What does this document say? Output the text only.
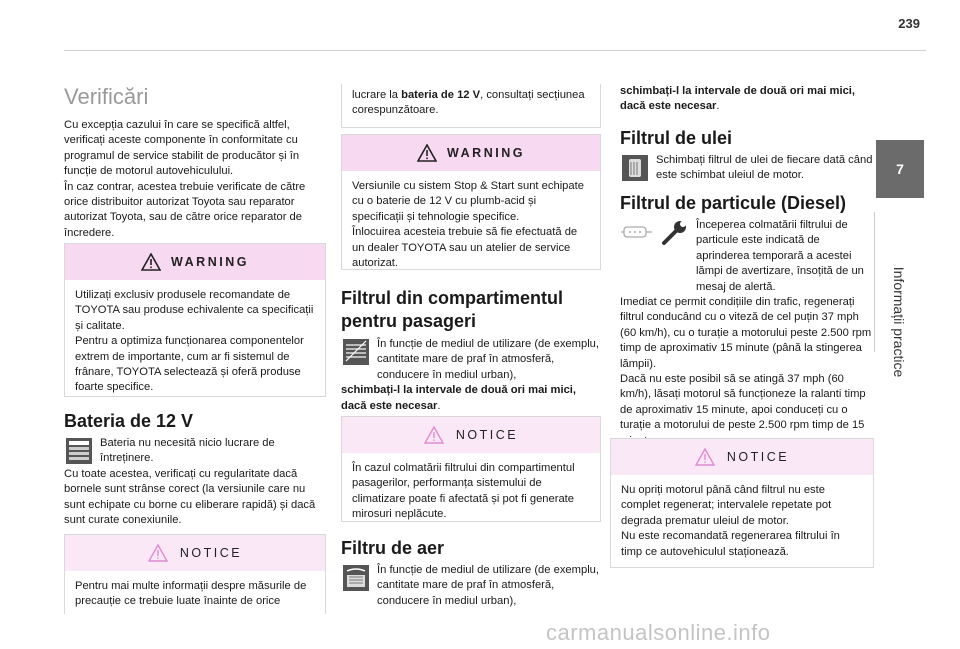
239
7
Informații practice
Verificări

Cu excepția cazului în care se specifică altfel, verificați aceste componente în conformitate cu programul de service stabilit de producător și în funcție de motorul autovehiculului.

În caz contrar, acestea trebuie verificate de către orice distribuitor autorizat Toyota sau reparator autorizat Toyota, sau de către orice reparator de încredere.

WARNING

Utilizați exclusiv produsele recomandate de TOYOTA sau produse echivalente ca specificații și calitate.

Pentru a optimiza funcționarea componentelor extrem de importante, cum ar fi sistemul de frânare, TOYOTA selectează și oferă produse foarte specifice.

Bateria de 12 V

Bateria nu necesită nicio lucrare de întreținere.

Cu toate acestea, verificați cu regularitate dacă bornele sunt strânse corect (la versiunile care nu sunt echipate cu borne cu eliberare rapidă) și dacă sunt curate conexiunile.

NOTICE

Pentru mai multe informații despre măsurile de precauție ce trebuie luate înainte de orice

lucrare la bateria de 12 V, consultați secțiunea corespunzătoare.

WARNING

Versiunile cu sistem Stop & Start sunt echipate cu o baterie de 12 V cu plumb-acid și specificații și tehnologie specifice.

Înlocuirea acesteia trebuie să fie efectuată de un dealer TOYOTA sau un atelier de service autorizat.

Filtrul din compartimentul pentru pasageri

În funcție de mediul de utilizare (de exemplu, cantitate mare de praf în atmosferă, conducere în mediul urban),

schimbați-l la intervale de două ori mai mici, dacă este necesar.

NOTICE

În cazul colmatării filtrului din compartimentul pasagerilor, performanța sistemului de climatizare poate fi afectată și pot fi generate mirosuri neplăcute.

Filtru de aer

În funcție de mediul de utilizare (de exemplu, cantitate mare de praf în atmosferă, conducere în mediul urban),

schimbați-l la intervale de două ori mai mici, dacă este necesar.

Filtrul de ulei

Schimbați filtrul de ulei de fiecare dată când este schimbat uleiul de motor.

Filtrul de particule (Diesel)

Începerea colmatării filtrului de particule este indicată de aprinderea temporară a acestei lămpi de avertizare, însoțită de un mesaj de alertă.

Imediat ce permit condițiile din trafic, regenerați filtrul conducând cu o viteză de cel puțin 37 mph (60 km/h), cu o turație a motorului peste 2.500 rpm timp de aproximativ 15 minute (până la stingerea lămpii).

Dacă nu este posibil să se atingă 37 mph (60 km/h), lăsați motorul să funcționeze la ralanti timp de aproximativ 15 minute, apoi conduceți cu o turație a motorului de peste 2.500 rpm timp de 15

NOTICE

Nu opriți motorul până când filtrul nu este complet regenerat; intervalele repetate pot degrada prematur uleiul de motor.

Nu este recomandată regenerarea filtrului în timp ce autovehiculul staționează.

carmanualsonline.info
